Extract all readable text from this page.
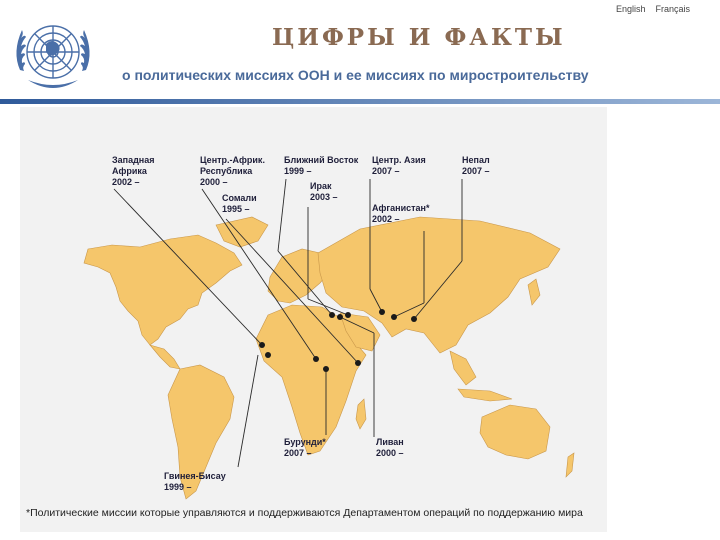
English Français
ЦИФРЫ И ФАКТЫ
о политических миссиях ООН и ее миссиях по миростроительству
Западная
Африка
2002 –
Центр.-Африк.
Республика
2000 –
Сомали
1995 –
Ближний Восток
1999 –
Ирак
2003 –
Центр. Азия
2007 –
Афганистан*
2002 –
Непал
2007 –
Бурунди*
2007 –
Ливан
2000 –
Гвинея-Бисау
1999 –
*Политические миссии которые управляются и поддерживаются Департаментом операций по поддержанию мира
